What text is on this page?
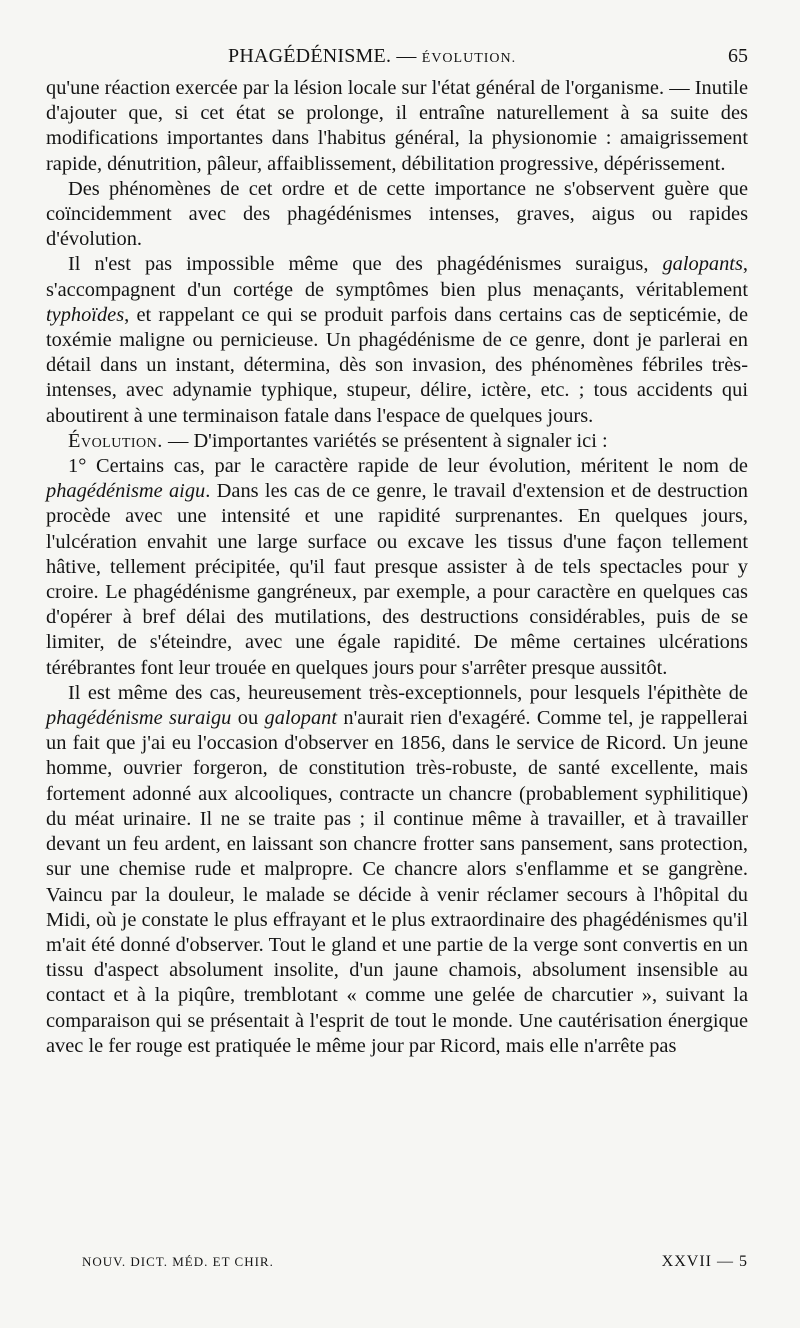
PHAGÉDÉNISME. — ÉVOLUTION.	65

qu'une réaction exercée par la lésion locale sur l'état général de l'organisme. — Inutile d'ajouter que, si cet état se prolonge, il entraîne naturellement à sa suite des modifications importantes dans l'habitus général, la physionomie : amaigrissement rapide, dénutrition, pâleur, affaiblissement, débilitation progressive, dépérissement.

Des phénomènes de cet ordre et de cette importance ne s'observent guère que coïncidemment avec des phagédénismes intenses, graves, aigus ou rapides d'évolution.

Il n'est pas impossible même que des phagédénismes suraigus, galopants, s'accompagnent d'un cortége de symptômes bien plus menaçants, véritablement typhoïdes, et rappelant ce qui se produit parfois dans certains cas de septicémie, de toxémie maligne ou pernicieuse. Un phagédénisme de ce genre, dont je parlerai en détail dans un instant, détermina, dès son invasion, des phénomènes fébriles très-intenses, avec adynamie typhique, stupeur, délire, ictère, etc. ; tous accidents qui aboutirent à une terminaison fatale dans l'espace de quelques jours.

Évolution. — D'importantes variétés se présentent à signaler ici :

1° Certains cas, par le caractère rapide de leur évolution, méritent le nom de phagédénisme aigu. Dans les cas de ce genre, le travail d'extension et de destruction procède avec une intensité et une rapidité surprenantes. En quelques jours, l'ulcération envahit une large surface ou excave les tissus d'une façon tellement hâtive, tellement précipitée, qu'il faut presque assister à de tels spectacles pour y croire. Le phagédénisme gangréneux, par exemple, a pour caractère en quelques cas d'opérer à bref délai des mutilations, des destructions considérables, puis de se limiter, de s'éteindre, avec une égale rapidité. De même certaines ulcérations térébrantes font leur trouée en quelques jours pour s'arrêter presque aussitôt.

Il est même des cas, heureusement très-exceptionnels, pour lesquels l'épithète de phagédénisme suraigu ou galopant n'aurait rien d'exagéré. Comme tel, je rappellerai un fait que j'ai eu l'occasion d'observer en 1856, dans le service de Ricord. Un jeune homme, ouvrier forgeron, de constitution très-robuste, de santé excellente, mais fortement adonné aux alcooliques, contracte un chancre (probablement syphilitique) du méat urinaire. Il ne se traite pas ; il continue même à travailler, et à travailler devant un feu ardent, en laissant son chancre frotter sans pansement, sans protection, sur une chemise rude et malpropre. Ce chancre alors s'enflamme et se gangrène. Vaincu par la douleur, le malade se décide à venir réclamer secours à l'hôpital du Midi, où je constate le plus effrayant et le plus extraordinaire des phagédénismes qu'il m'ait été donné d'observer. Tout le gland et une partie de la verge sont convertis en un tissu d'aspect absolument insolite, d'un jaune chamois, absolument insensible au contact et à la piqûre, tremblotant « comme une gelée de charcutier », suivant la comparaison qui se présentait à l'esprit de tout le monde. Une cautérisation énergique avec le fer rouge est pratiquée le même jour par Ricord, mais elle n'arrête pas

NOUV. DICT. MÉD. ET CHIR.	XXVII — 5
